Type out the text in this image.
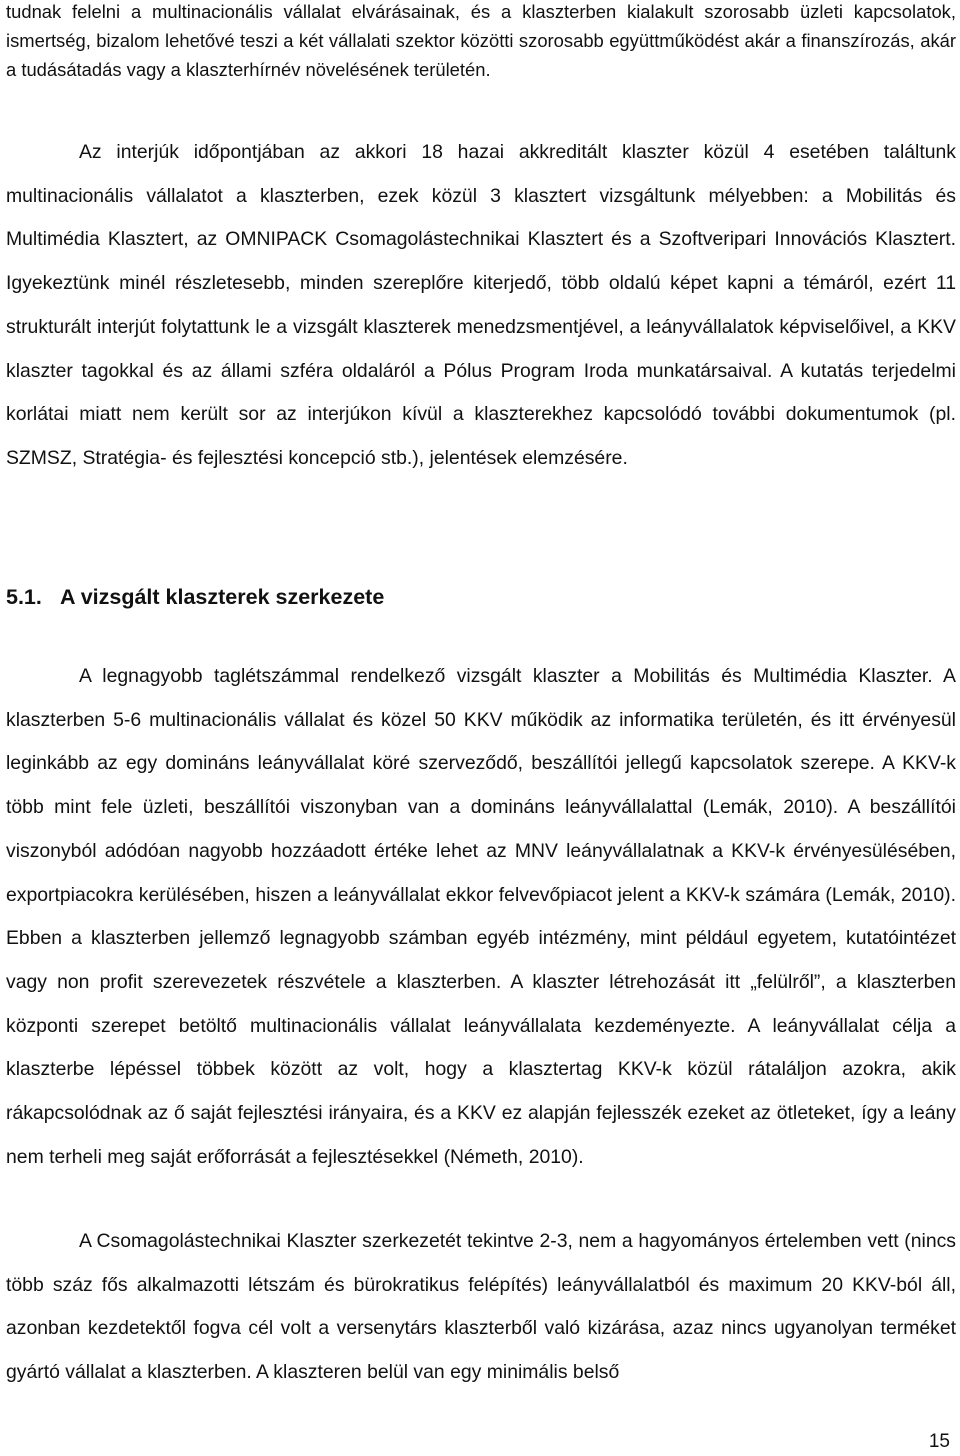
tudnak felelni a multinacionális vállalat elvárásainak, és a klaszterben kialakult szorosabb üzleti kapcsolatok, ismertség, bizalom lehetővé teszi a két vállalati szektor közötti szorosabb együttműködést akár a finanszírozás, akár a tudásátadás vagy a klaszterhírnév növelésének területén.

Az interjúk időpontjában az akkori 18 hazai akkreditált klaszter közül 4 esetében találtunk multinacionális vállalatot a klaszterben, ezek közül 3 klasztert vizsgáltunk mélyebben: a Mobilitás és Multimédia Klasztert, az OMNIPACK Csomagolástechnikai Klasztert és a Szoftveripari Innovációs Klasztert. Igyekeztünk minél részletesebb, minden szereplőre kiterjedő, több oldalú képet kapni a témáról, ezért 11 strukturált interjút folytattunk le a vizsgált klaszterek menedzsmentjével, a leányvállalatok képviselőivel, a KKV klaszter tagokkal és az állami szféra oldaláról a Pólus Program Iroda munkatársaival. A kutatás terjedelmi korlátai miatt nem került sor az interjúkon kívül a klaszterekhez kapcsolódó további dokumentumok (pl. SZMSZ, Stratégia- és fejlesztési koncepció stb.), jelentések elemzésére.

5.1. A vizsgált klaszterek szerkezete

A legnagyobb taglétszámmal rendelkező vizsgált klaszter a Mobilitás és Multimédia Klaszter. A klaszterben 5-6 multinacionális vállalat és közel 50 KKV működik az informatika területén, és itt érvényesül leginkább az egy domináns leányvállalat köré szerveződő, beszállítói jellegű kapcsolatok szerepe. A KKV-k több mint fele üzleti, beszállítói viszonyban van a domináns leányvállalattal (Lemák, 2010). A beszállítói viszonyból adódóan nagyobb hozzáadott értéke lehet az MNV leányvállalatnak a KKV-k érvényesülésében, exportpiacokra kerülésében, hiszen a leányvállalat ekkor felvevőpiacot jelent a KKV-k számára (Lemák, 2010). Ebben a klaszterben jellemző legnagyobb számban egyéb intézmény, mint például egyetem, kutatóintézet vagy non profit szerevezetek részvétele a klaszterben. A klaszter létrehozását itt „felülről”, a klaszterben központi szerepet betöltő multinacionális vállalat leányvállalata kezdeményezte. A leányvállalat célja a klaszterbe lépéssel többek között az volt, hogy a klasztertag KKV-k közül rátaláljon azokra, akik rákapcsolódnak az ő saját fejlesztési irányaira, és a KKV ez alapján fejlesszék ezeket az ötleteket, így a leány nem terheli meg saját erőforrását a fejlesztésekkel (Németh, 2010).

A Csomagolástechnikai Klaszter szerkezetét tekintve 2-3, nem a hagyományos értelemben vett (nincs több száz fős alkalmazotti létszám és bürokratikus felépítés) leányvállalatból és maximum 20 KKV-ból áll, azonban kezdetektől fogva cél volt a versenytárs klaszterből való kizárása, azaz nincs ugyanolyan terméket gyártó vállalat a klaszterben. A klaszteren belül van egy minimális belső

15
